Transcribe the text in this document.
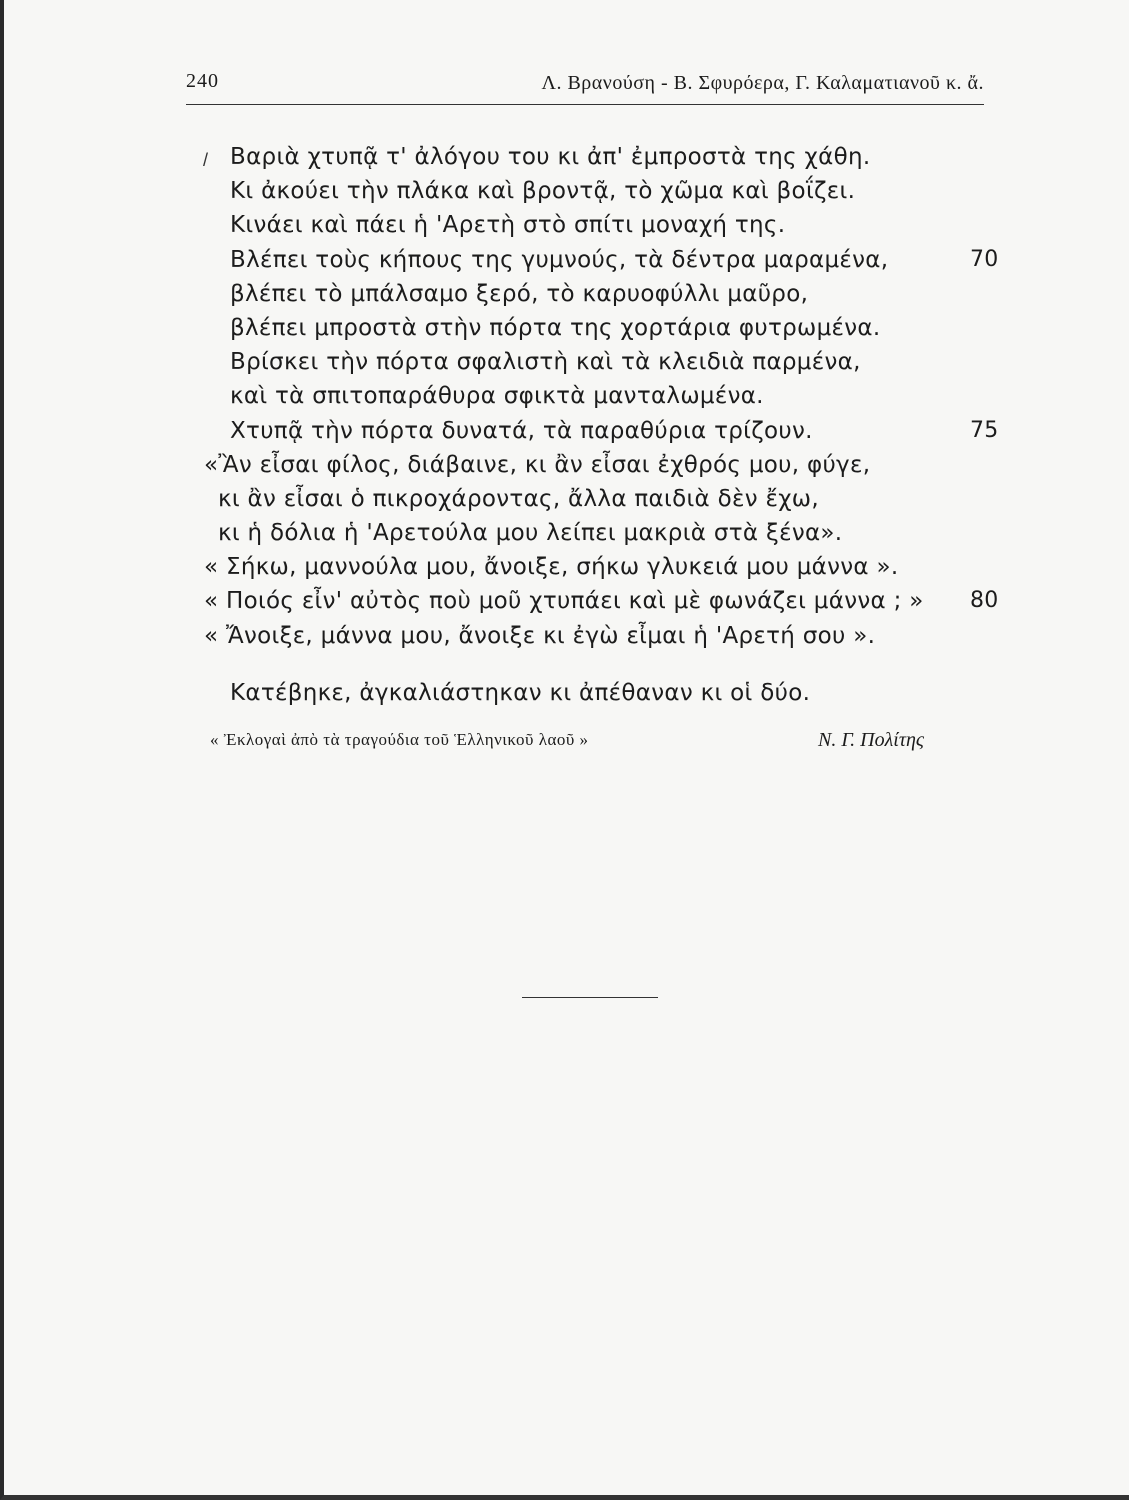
240	Λ. Βρανούση - Β. Σφυρόερα, Γ. Καλαματιανοῦ κ. ἄ.
/ Βαριὰ χτυπᾷ τ' ἀλόγου του κι ἀπ' ἐμπροστὰ της χάθη.
Κι ἀκούει τὴν πλάκα καὶ βροντᾷ, τὸ χῶμα καὶ βοΐζει.
Κινάει καὶ πάει ἡ 'Αρετὴ στὸ σπίτι μοναχή της.
Βλέπει τοὺς κήπους της γυμνούς, τὰ δέντρα μαραμένα,	70
βλέπει τὸ μπάλσαμο ξερό, τὸ καρυοφύλλι μαῦρο,
βλέπει μπροστὰ στὴν πόρτα της χορτάρια φυτρωμένα.
Βρίσκει τὴν πόρτα σφαλιστὴ καὶ τὰ κλειδιὰ παρμένα,
καὶ τὰ σπιτοπαράθυρα σφικτὰ μανταλωμένα.
Χτυπᾷ τὴν πόρτα δυνατά, τὰ παραθύρια τρίζουν.	75
«Ἂν εἶσαι φίλος, διάβαινε, κι ἂν εἶσαι ἐχθρός μου, φύγε,
κι ἂν εἶσαι ὁ πικροχάροντας, ἄλλα παιδιὰ δὲν ἔχω,
κι ἡ δόλια ἡ 'Αρετούλα μου λείπει μακριὰ στὰ ξένα».
« Σήκω, μαννούλα μου, ἄνοιξε, σήκω γλυκειά μου μάννα ».
« Ποιός εἶν' αὐτὸς ποὺ μοῦ χτυπάει καὶ μὲ φωνάζει μάννα ; » 80
« Ἄνοιξε, μάννα μου, ἄνοιξε κι ἐγὼ εἶμαι ἡ 'Αρετή σου ».
Κατέβηκε, ἀγκαλιάστηκαν κι ἀπέθαναν κι οἱ δύο.
« Ἐκλογαὶ ἀπὸ τὰ τραγούδια τοῦ Ἑλληνικοῦ λαοῦ »	Ν. Γ. Πολίτης
